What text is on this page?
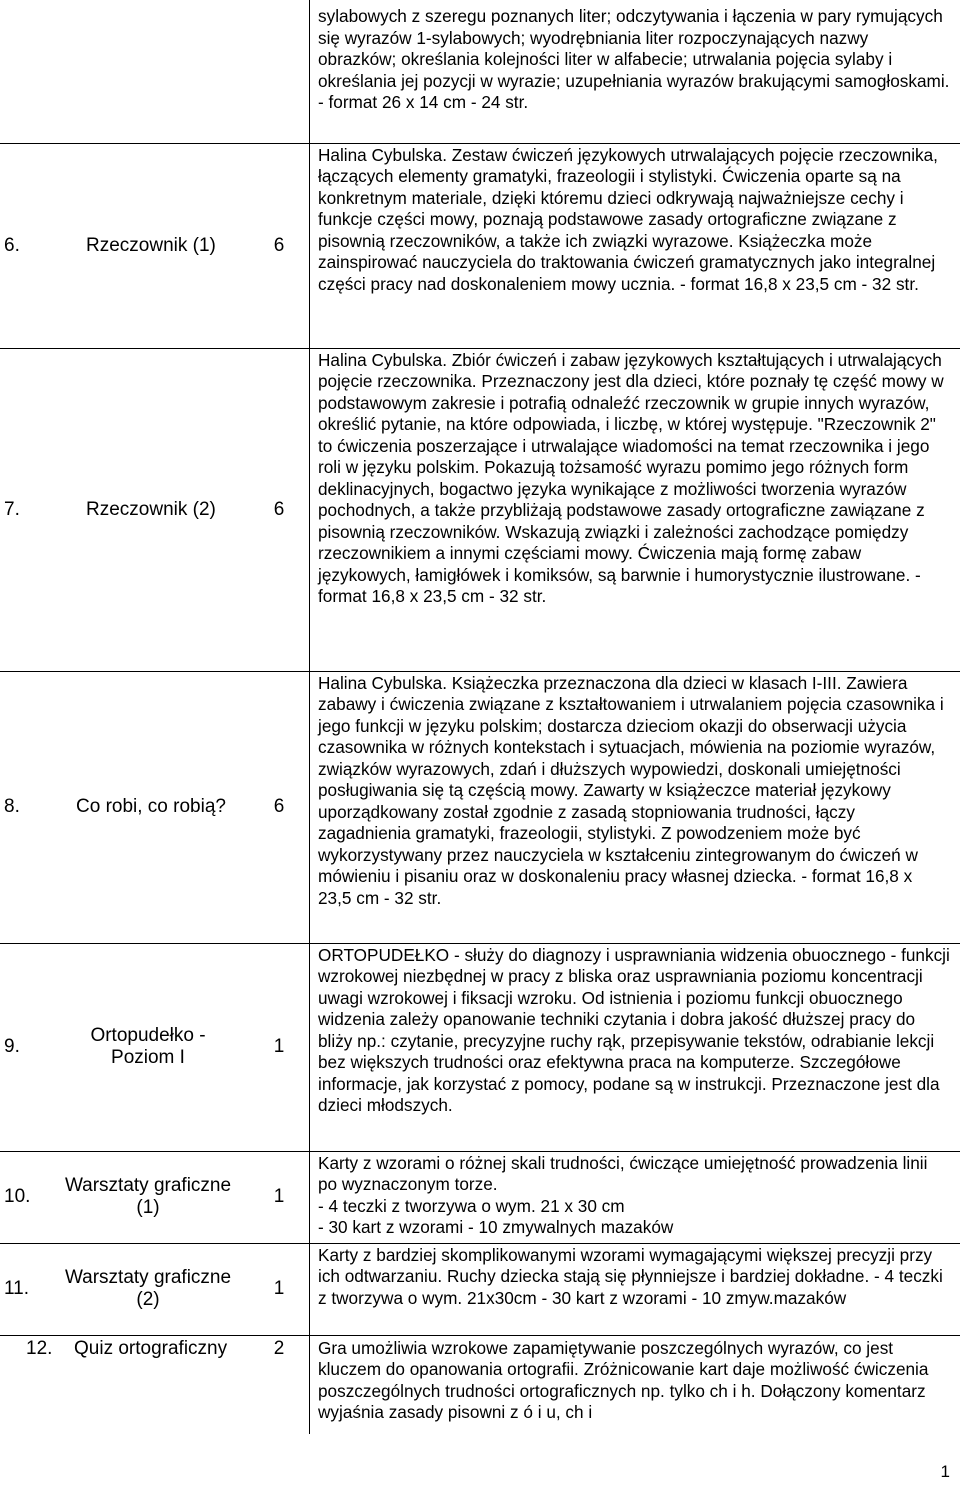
			sylabowych z szeregu poznanych liter; odczytywania i łączenia w pary rymujących się wyrazów 1-sylabowych; wyodrębniania liter rozpoczynających nazwy obrazków; określania kolejności liter w alfabecie; utrwalania pojęcia sylaby i określania jej pozycji w wyrazie; uzupełniania wyrazów brakującymi samogłoskami. - format 26 x 14 cm - 24 str.
6.	Rzeczownik (1)	6	Halina Cybulska. Zestaw ćwiczeń językowych utrwalających pojęcie rzeczownika, łączących elementy gramatyki, frazeologii i stylistyki. Ćwiczenia oparte są na konkretnym materiale, dzięki któremu dzieci odkrywają najważniejsze cechy i funkcje części mowy, poznają podstawowe zasady ortograficzne związane z pisownią rzeczowników, a także ich związki wyrazowe. Książeczka może zainspirować nauczyciela do traktowania ćwiczeń gramatycznych jako integralnej części pracy nad doskonaleniem mowy ucznia. - format 16,8 x 23,5 cm - 32 str.
7.	Rzeczownik (2)	6	Halina Cybulska. Zbiór ćwiczeń i zabaw językowych kształtujących i utrwalających pojęcie rzeczownika. Przeznaczony jest dla dzieci, które poznały tę część mowy w podstawowym zakresie i potrafią odnaleźć rzeczownik w grupie innych wyrazów, określić pytanie, na które odpowiada, i liczbę, w której występuje. "Rzeczownik 2" to ćwiczenia poszerzające i utrwalające wiadomości na temat rzeczownika i jego roli w języku polskim. Pokazują tożsamość wyrazu pomimo jego różnych form deklinacyjnych, bogactwo języka wynikające z możliwości tworzenia wyrazów pochodnych, a także przybliżają podstawowe zasady ortograficzne zawiązane z pisownią rzeczowników. Wskazują związki i zależności zachodzące pomiędzy rzeczownikiem a innymi częściami mowy. Ćwiczenia mają formę zabaw językowych, łamigłówek i komiksów, są barwnie i humorystycznie ilustrowane. - format 16,8 x 23,5 cm - 32 str.
8.	Co robi, co robią?	6	Halina Cybulska. Książeczka przeznaczona dla dzieci w klasach I-III. Zawiera zabawy i ćwiczenia związane z kształtowaniem i utrwalaniem pojęcia czasownika i jego funkcji w języku polskim; dostarcza dzieciom okazji do obserwacji użycia czasownika w różnych kontekstach i sytuacjach, mówienia na poziomie wyrazów, związków wyrazowych, zdań i dłuższych wypowiedzi, doskonali umiejętności posługiwania się tą częścią mowy. Zawarty w książeczce materiał językowy uporządkowany został zgodnie z zasadą stopniowania trudności, łączy zagadnienia gramatyki, frazeologii, stylistyki. Z powodzeniem może być wykorzystywany przez nauczyciela w kształceniu zintegrowanym do ćwiczeń w mówieniu i pisaniu oraz w doskonaleniu pracy własnej dziecka. - format 16,8 x 23,5 cm - 32 str.
9.	Ortopudełko - Poziom I	1	ORTOPUDEŁKO - służy do diagnozy i usprawniania widzenia obuocznego - funkcji wzrokowej niezbędnej w pracy z bliska oraz usprawniania poziomu koncentracji uwagi wzrokowej i fiksacji wzroku. Od istnienia i poziomu funkcji obuocznego widzenia zależy opanowanie techniki czytania i dobra jakość dłuższej pracy do bliży np.: czytanie, precyzyjne ruchy rąk, przepisywanie tekstów, odrabianie lekcji bez większych trudności oraz efektywna praca na komputerze. Szczegółowe informacje, jak korzystać z pomocy, podane są w instrukcji. Przeznaczone jest dla dzieci młodszych.
10.	Warsztaty graficzne (1)	1	Karty z wzorami o różnej skali trudności, ćwiczące umiejętność prowadzenia linii po wyznaczonym torze.
- 4 teczki z tworzywa o wym. 21 x 30 cm
- 30 kart z wzorami - 10 zmywalnych mazaków

11.	Warsztaty graficzne (2)	1	Karty z bardziej skomplikowanymi wzorami wymagającymi większej precyzji przy ich odtwarzaniu. Ruchy dziecka stają się płynniejsze i bardziej dokładne. - 4 teczki z tworzywa o wym. 21x30cm - 30 kart z wzorami - 10 zmyw.mazaków
12.	Quiz ortograficzny	2	Gra umożliwia wzrokowe zapamiętywanie poszczególnych wyrazów, co jest kluczem do opanowania ortografii. Zróżnicowanie kart daje możliwość ćwiczenia poszczególnych trudności ortograficznych np. tylko ch i h. Dołączony komentarz wyjaśnia zasady pisowni z ó i u, ch i
1
